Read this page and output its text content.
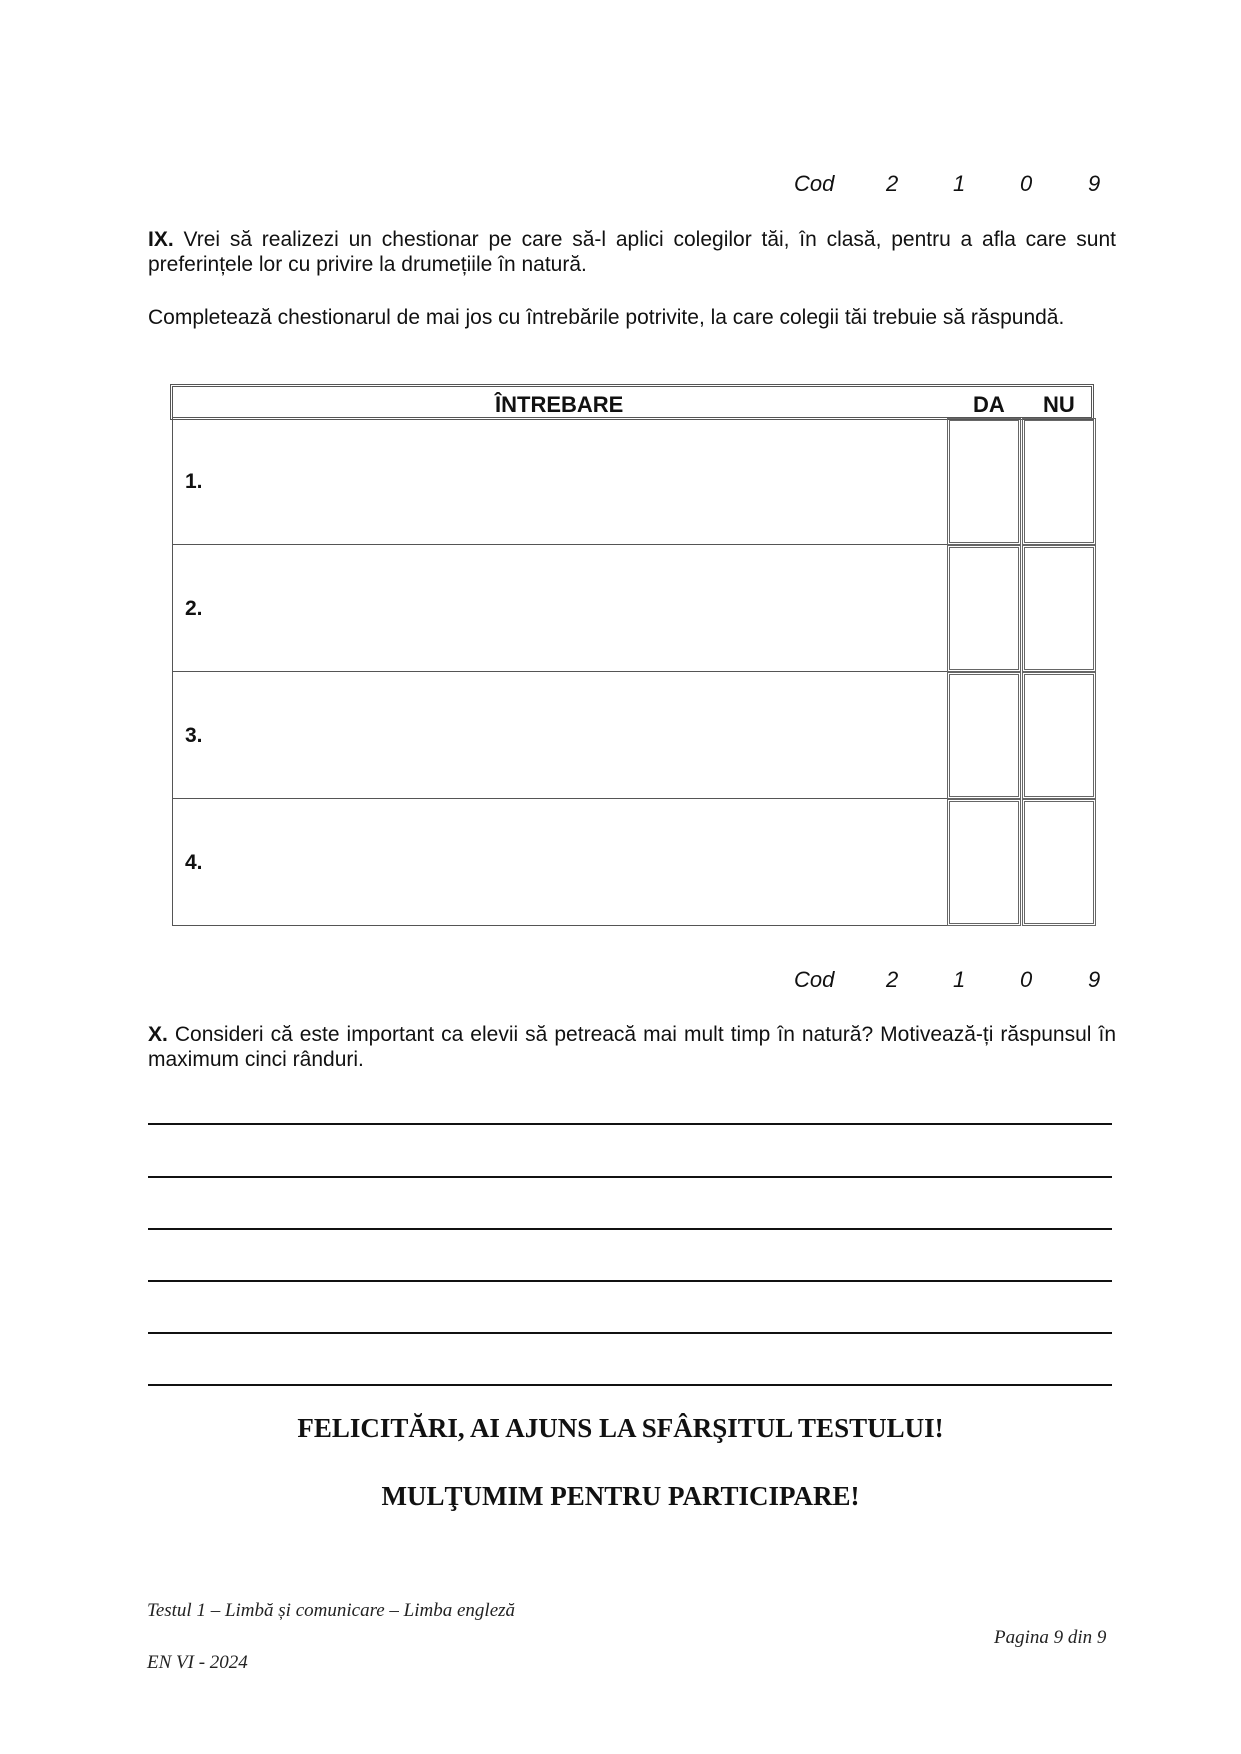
Cod 2 1 0	9
IX. Vrei să realizezi un chestionar pe care să-l aplici colegilor tăi, în clasă, pentru a afla care sunt preferințele lor cu privire la drumețiile în natură.
Completează chestionarul de mai jos cu întrebările potrivite, la care colegii tăi trebuie să răspundă.
ÎNTREBARE	DA NU
1.
2.
3.
4.
Cod 2 1 0	9
X. Consideri că este important ca elevii să petreacă mai mult timp în natură? Motivează-ți răspunsul în maximum cinci rânduri.
FELICITĂRI, AI AJUNS LA SFÂRŞITUL TESTULUI!
MULŢUMIM PENTRU PARTICIPARE!
Testul 1 – Limbă și comunicare – Limba engleză
Pagina 9 din 9
EN VI - 2024
